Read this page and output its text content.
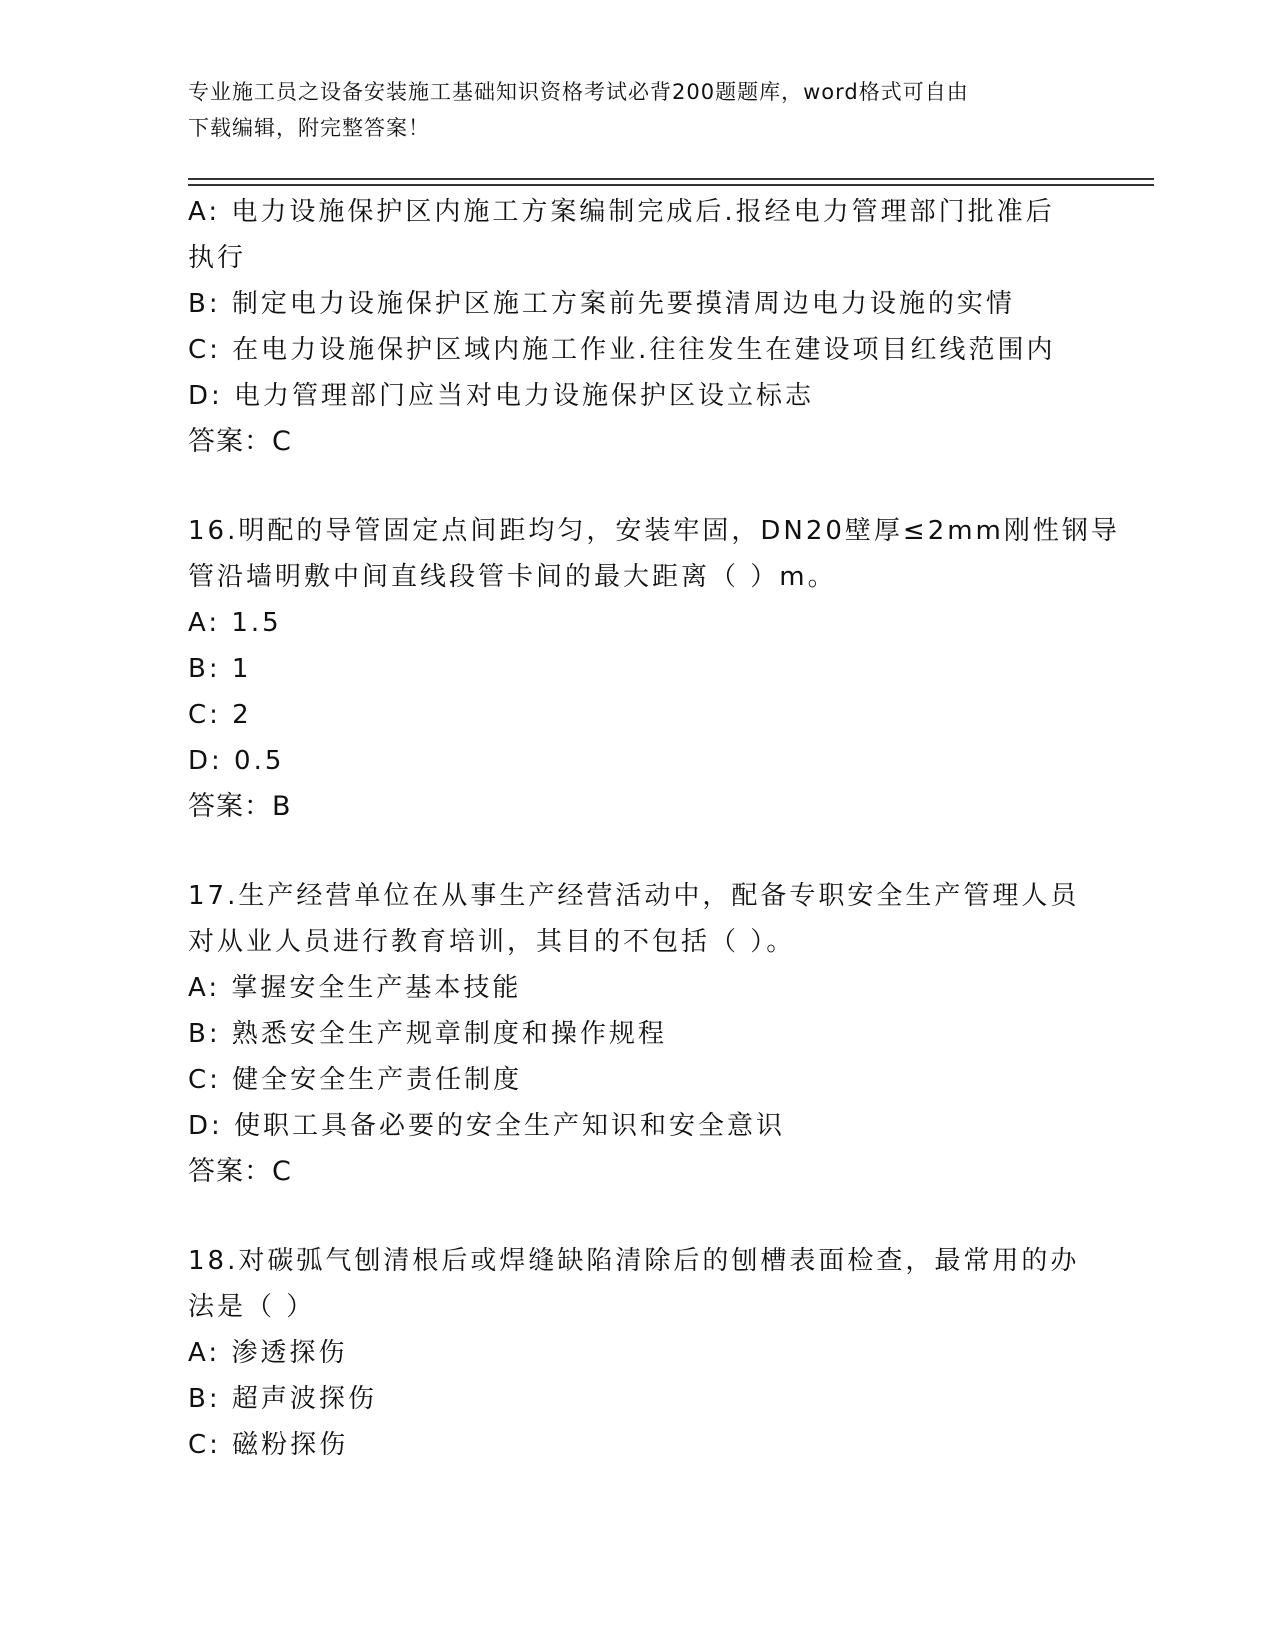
专业施工员之设备安装施工基础知识资格考试必背200题题库，word格式可自由
下载编辑，附完整答案！
A: 电力设施保护区内施工方案编制完成后.报经电力管理部门批准后
执行
B: 制定电力设施保护区施工方案前先要摸清周边电力设施的实情
C: 在电力设施保护区域内施工作业.往往发生在建设项目红线范围内
D: 电力管理部门应当对电力设施保护区设立标志
答案：C
16.明配的导管固定点间距均匀，安装牢固，DN20壁厚≤2mm刚性钢导
管沿墙明敷中间直线段管卡间的最大距离（ ）m。
A: 1.5
B: 1
C: 2
D: 0.5
答案：B
17.生产经营单位在从事生产经营活动中，配备专职安全生产管理人员
对从业人员进行教育培训，其目的不包括（ ）。
A: 掌握安全生产基本技能
B: 熟悉安全生产规章制度和操作规程
C: 健全安全生产责任制度
D: 使职工具备必要的安全生产知识和安全意识
答案：C
18.对碳弧气刨清根后或焊缝缺陷清除后的刨槽表面检查，最常用的办
法是（ ）
A: 渗透探伤
B: 超声波探伤
C: 磁粉探伤
